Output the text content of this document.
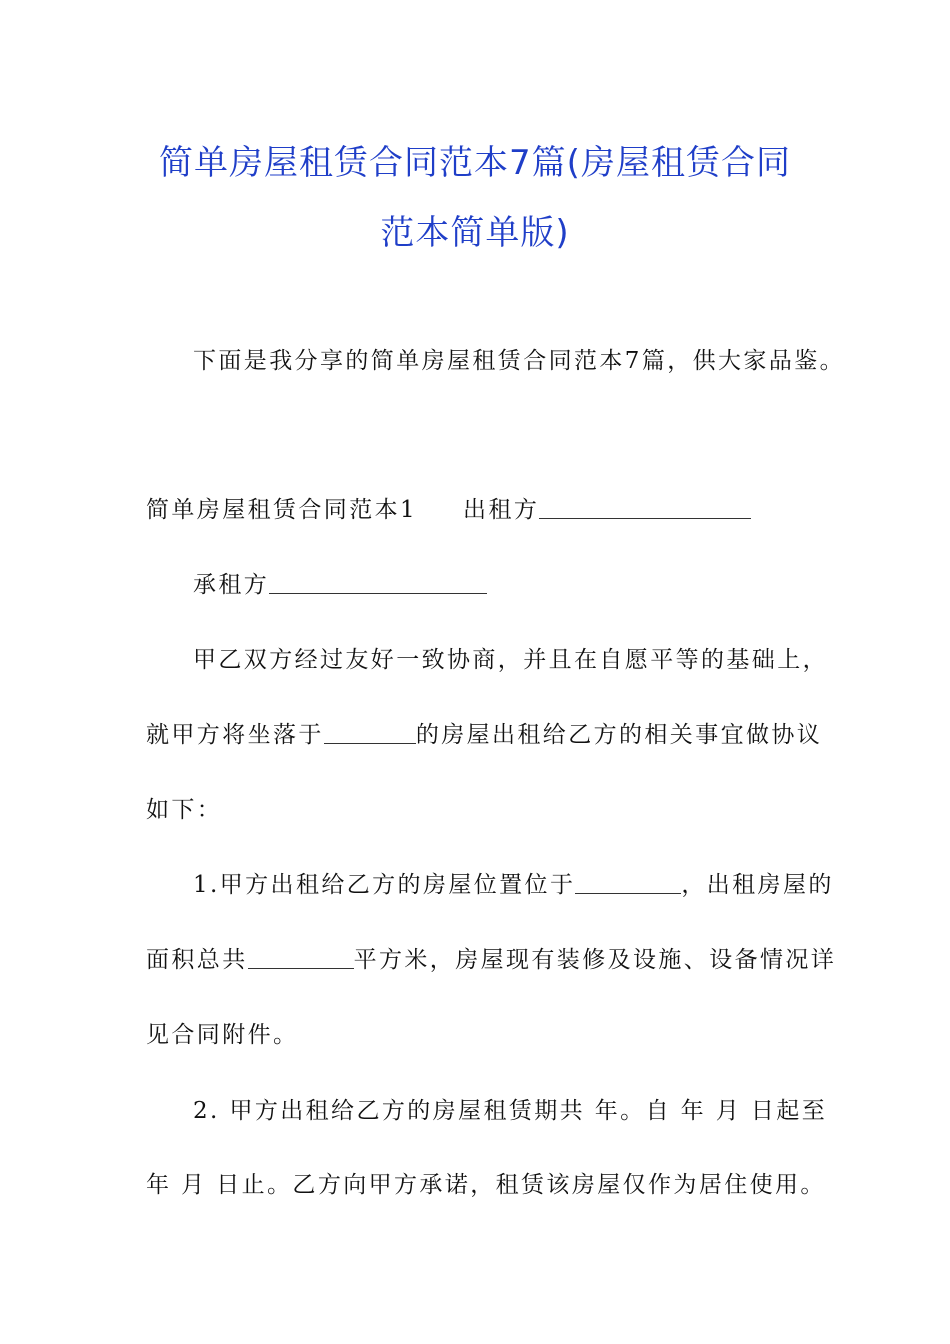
简单房屋租赁合同范本7篇(房屋租赁合同
范本简单版)
下面是我分享的简单房屋租赁合同范本7篇，供大家品鉴。
简单房屋租赁合同范本1 出租方
承租方
甲乙双方经过友好一致协商，并且在自愿平等的基础上，
就甲方将坐落于	的房屋出租给乙方的相关事宜做协议
如下：
1.甲方出租给乙方的房屋位置位于	，出租房屋的
面积总共	平方米，房屋现有装修及设施、设备情况详
见合同附件。
2. 甲方出租给乙方的房屋租赁期共 年。自 年 月 日起至
年 月 日止。乙方向甲方承诺，租赁该房屋仅作为居住使用。
